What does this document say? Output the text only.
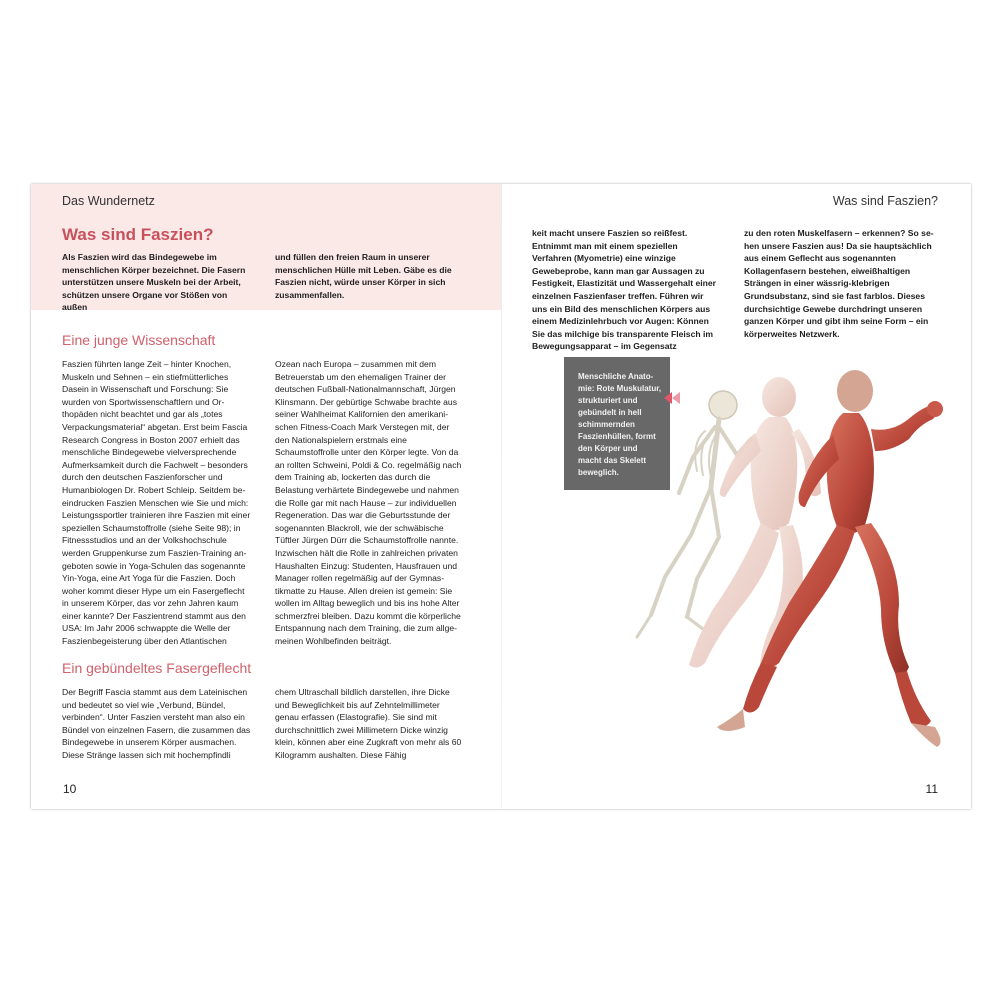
Das Wundernetz
Was sind Faszien?
Als Faszien wird das Bindegewebe im menschlichen Körper bezeichnet. Die Fasern unterstützen unsere Muskeln bei der Arbeit, schützen unsere Organe vor Stößen von außen
und füllen den freien Raum in unserer menschlichen Hülle mit Leben. Gäbe es die Faszien nicht, würde unser Körper in sich zusammenfallen.
Eine junge Wissenschaft
Faszien führten lange Zeit – hinter Knochen, Muskeln und Sehnen – ein stiefmütterliches Dasein in Wissenschaft und Forschung: Sie wurden von Sportwissenschaftlern und Orthopäden nicht beachtet und gar als „totes Verpackungsmaterial“ abgetan. Erst beim Fascia Research Congress in Boston 2007 erhielt das menschliche Bindegewebe vielversprechende Aufmerksamkeit durch die Fachwelt – besonders durch den deutschen Faszienforscher und Humanbiologen Dr. Robert Schleip. Seitdem beeindrucken Faszien Menschen wie Sie und mich: Leistungssportler trainieren ihre Faszien mit einer speziellen Schaumstoffrolle (siehe Seite 98); in Fitnessstudios und an der Volkshochschule werden Gruppenkurse zum Faszien-Training angeboten sowie in Yoga-Schulen das sogenannte Yin-Yoga, eine Art Yoga für die Faszien. Doch woher kommt dieser Hype um ein Fasergeflecht in unserem Körper, das vor zehn Jahren kaum einer kannte? Der Faszientrend stammt aus den USA: Im Jahr 2006 schwappte die Welle der Faszienbegeisterung über den Atlantischen
Ozean nach Europa – zusammen mit dem Betreuerstab um den ehemaligen Trainer der deutschen Fußball-Nationalmannschaft, Jürgen Klinsmann. Der gebürtige Schwabe brachte aus seiner Wahlheimat Kalifornien den amerikanischen Fitness-Coach Mark Verstegen mit, der den Nationalspielern erstmals eine Schaumstoffrolle unter den Körper legte. Von da an rollten Schweini, Poldi & Co. regelmäßig nach dem Training ab, lockerten das durch die Belastung verhärtete Bindegewebe und nahmen die Rolle gar mit nach Hause – zur individuellen Regeneration. Das war die Geburtsstunde der sogenannten Blackroll, wie der schwäbische Tüftler Jürgen Dürr die Schaumstoffrolle nannte. Inzwischen hält die Rolle in zahlreichen privaten Haushalten Einzug: Studenten, Hausfrauen und Manager rollen regelmäßig auf der Gymnastikmatte zu Hause. Allen dreien ist gemein: Sie wollen im Alltag beweglich und bis ins hohe Alter schmerzfrei bleiben. Dazu kommt die körperliche Entspannung nach dem Training, die zum allgemeinen Wohlbefinden beiträgt.
Ein gebündeltes Fasergeflecht
Der Begriff Fascia stammt aus dem Lateinischen und bedeutet so viel wie „Verbund, Bündel, verbinden“. Unter Faszien versteht man also ein Bündel von einzelnen Fasern, die zusammen das Bindegewebe in unserem Körper ausmachen. Diese Stränge lassen sich mit hochempfindli
chem Ultraschall bildlich darstellen, ihre Dicke und Beweglichkeit bis auf Zehntelmillimeter genau erfassen (Elastografie). Sie sind mit durchschnittlich zwei Millimetern Dicke winzig klein, können aber eine Zugkraft von mehr als 60 Kilogramm aushalten. Diese Fähig
10
Was sind Faszien?
keit macht unsere Faszien so reißfest. Entnimmt man mit einem speziellen Verfahren (Myometrie) eine winzige Gewebeprobe, kann man gar Aussagen zu Festigkeit, Elastizität und Wassergehalt einer einzelnen Faszienfaser treffen. Führen wir uns ein Bild des menschlichen Körpers aus einem Medizinlehrbuch vor Augen: Können Sie das milchige bis transparente Fleisch im Bewegungsapparat – im Gegensatz
zu den roten Muskelfasern – erkennen? So sehen unsere Faszien aus! Da sie hauptsächlich aus einem Geflecht aus sogenannten Kollagenfasern bestehen, eiweißhaltigen Strängen in einer wässrig-klebrigen Grundsubstanz, sind sie fast farblos. Dieses durchsichtige Gewebe durchdringt unseren ganzen Körper und gibt ihm seine Form – ein körperweites Netzwerk.
Menschliche Anatomie: Rote Muskulatur, strukturiert und gebündelt in hell schimmernden Faszienhüllen, formt den Körper und macht das Skelett beweglich.
11
